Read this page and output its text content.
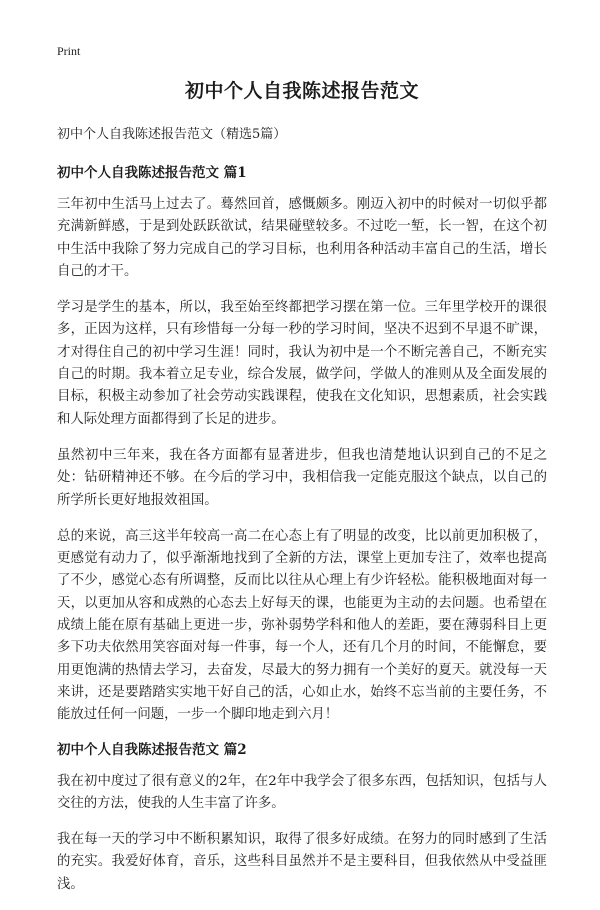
Print
初中个人自我陈述报告范文

初中个人自我陈述报告范文（精选5篇）

初中个人自我陈述报告范文 篇1

三年初中生活马上过去了。蓦然回首，感慨颇多。刚迈入初中的时候对一切似乎都充满新鲜感，于是到处跃跃欲试，结果碰壁较多。不过吃一堑，长一智，在这个初中生活中我除了努力完成自己的学习目标，也利用各种活动丰富自己的生活，增长自己的才干。

学习是学生的基本，所以，我至始至终都把学习摆在第一位。三年里学校开的课很多，正因为这样，只有珍惜每一分每一秒的学习时间，坚决不迟到不早退不旷课，才对得住自己的初中学习生涯！同时，我认为初中是一个不断完善自己，不断充实自己的时期。我本着立足专业，综合发展，做学问，学做人的准则从及全面发展的目标，积极主动参加了社会劳动实践课程，使我在文化知识，思想素质，社会实践和人际处理方面都得到了长足的进步。

虽然初中三年来，我在各方面都有显著进步，但我也清楚地认识到自己的不足之处：钻研精神还不够。在今后的学习中，我相信我一定能克服这个缺点，以自己的所学所长更好地报效祖国。

总的来说，高三这半年较高一高二在心态上有了明显的改变，比以前更加积极了，更感觉有动力了，似乎渐渐地找到了全新的方法，课堂上更加专注了，效率也提高了不少，感觉心态有所调整，反而比以往从心理上有少许轻松。能积极地面对每一天，以更加从容和成熟的心态去上好每天的课，也能更为主动的去问题。也希望在成绩上能在原有基础上更进一步，弥补弱势学科和他人的差距，要在薄弱科目上更多下功夫依然用笑容面对每一件事，每一个人，还有几个月的时间，不能懈怠，要用更饱满的热情去学习，去奋发，尽最大的努力拥有一个美好的夏天。就没每一天来讲，还是要踏踏实实地干好自己的活，心如止水，始终不忘当前的主要任务，不能放过任何一问题，一步一个脚印地走到六月！

初中个人自我陈述报告范文 篇2

我在初中度过了很有意义的2年，在2年中我学会了很多东西，包括知识，包括与人交往的方法，使我的人生丰富了许多。

我在每一天的学习中不断积累知识，取得了很多好成绩。在努力的同时感到了生活的充实。我爱好体育，音乐，这些科目虽然并不是主要科目，但我依然从中受益匪浅。
